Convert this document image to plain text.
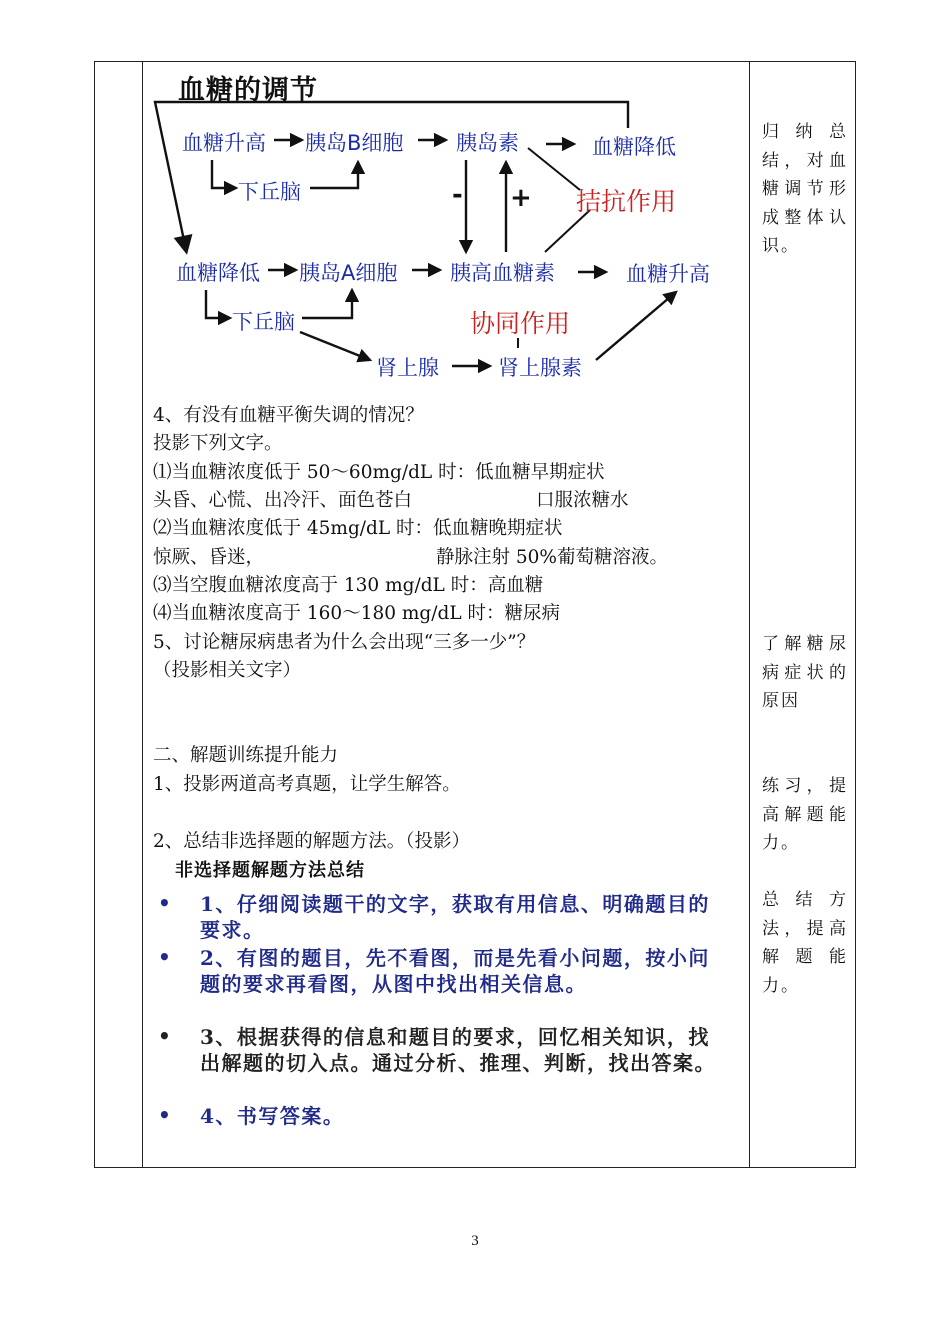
血糖的调节
血糖升高 胰岛B细胞	胰岛素	血糖降低
下丘脑	拮抗作用
- +
血糖降低 胰岛A细胞	胰高血糖素	血糖升高
下丘脑	协同作用
肾上腺	肾上腺素
4、有没有血糖平衡失调的情况？
投影下列文字。
⑴当血糖浓度低于 50～60mg/dL 时：低血糖早期症状
头昏、心慌、出冷汗、面色苍白	口服浓糖水
⑵当血糖浓度低于 45mg/dL 时：低血糖晚期症状
惊厥、昏迷，	静脉注射 50%葡萄糖溶液。
⑶当空腹血糖浓度高于 130 mg/dL 时：高血糖
⑷当血糖浓度高于 160～180 mg/dL 时：糖尿病
5、讨论糖尿病患者为什么会出现“三多一少”？
（投影相关文字）
二、解题训练提升能力
1、投影两道高考真题，让学生解答。
2、总结非选择题的解题方法。（投影）
非选择题解题方法总结
• 1、仔细阅读题干的文字，获取有用信息、明确题目的要求。
• 2、有图的题目，先不看图，而是先看小问题，按小问题的要求再看图，从图中找出相关信息。
• 3、根据获得的信息和题目的要求，回忆相关知识，找出解题的切入点。通过分析、推理、判断，找出答案。
• 4、书写答案。
归纳总结，对血糖调节形成整体认识。
了解糖尿病症状的原因
练习，提高解题能力。
总结方法，提高解题能力。
3
